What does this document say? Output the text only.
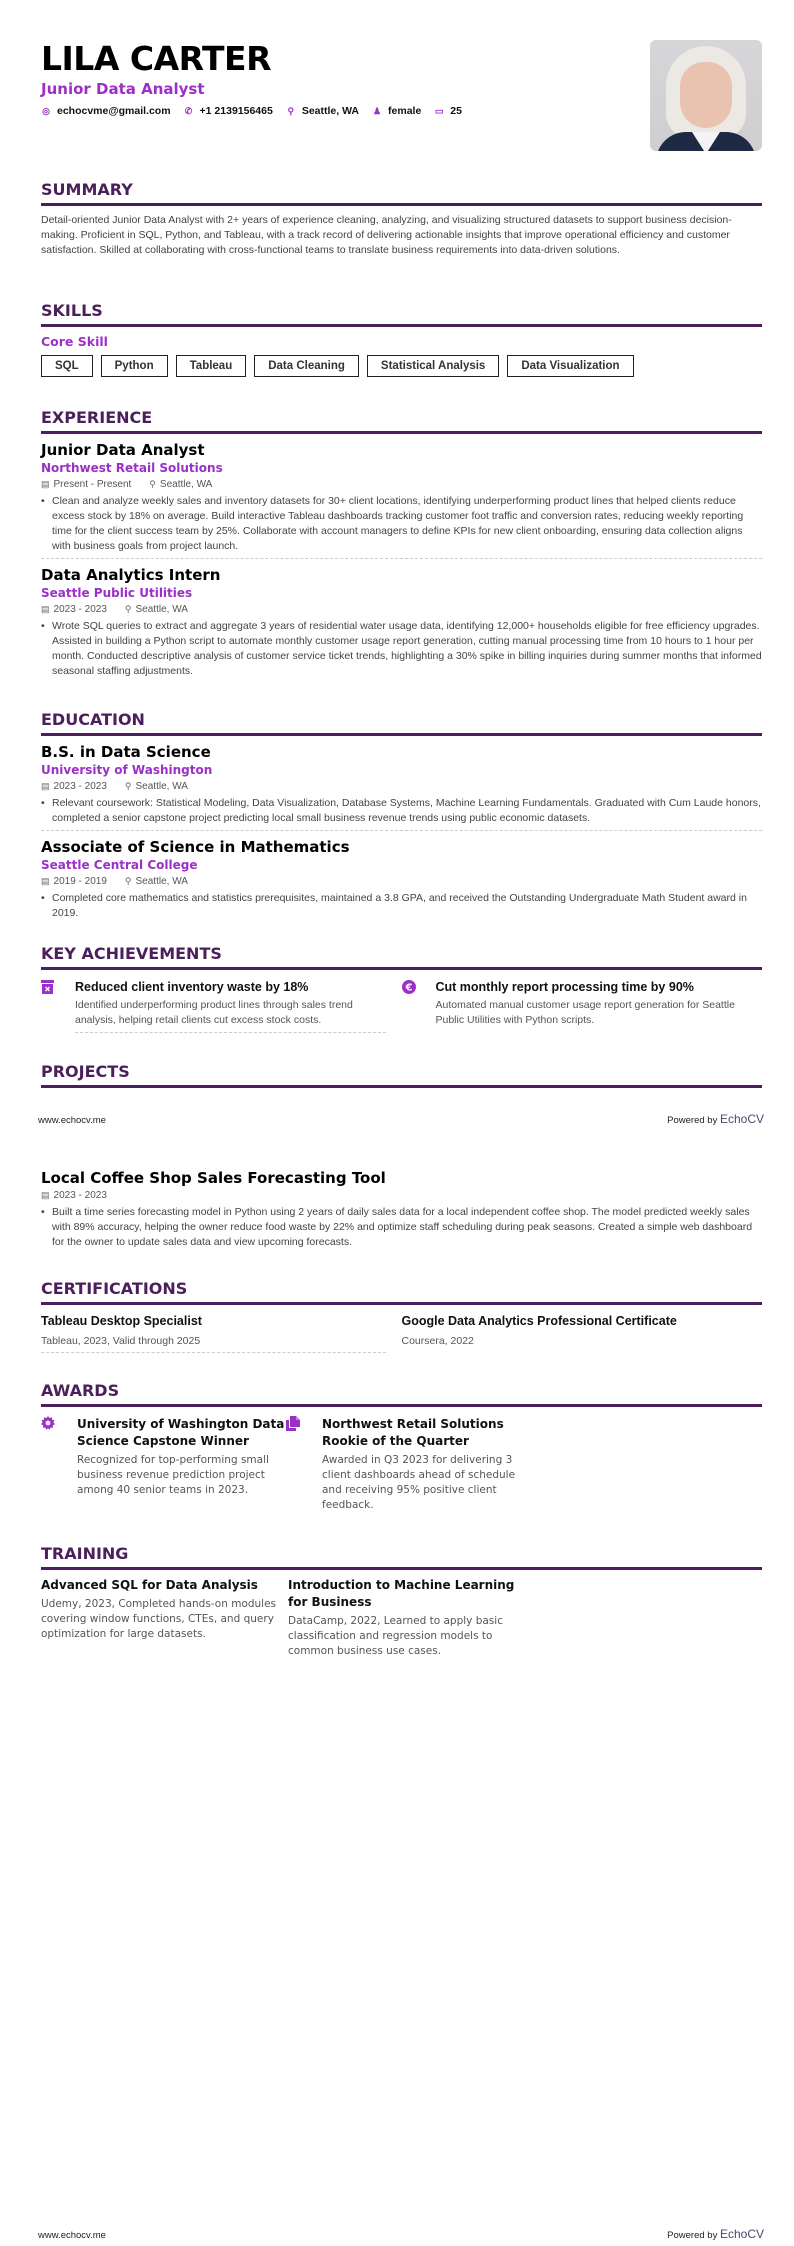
LILA CARTER
Junior Data Analyst
◎ echocvme@gmail.com ✆ +1 2139156465 ⚲ Seattle, WA ♟ female ▭ 25
SUMMARY
Detail-oriented Junior Data Analyst with 2+ years of experience cleaning, analyzing, and visualizing structured datasets to support business decision-making. Proficient in SQL, Python, and Tableau, with a track record of delivering actionable insights that improve operational efficiency and customer satisfaction. Skilled at collaborating with cross-functional teams to translate business requirements into data-driven solutions.
SKILLS
Core Skill
SQL	Python	Tableau	Data Cleaning	Statistical Analysis	Data Visualization
EXPERIENCE
Junior Data Analyst
Northwest Retail Solutions
▤ Present - Present ⚲ Seattle, WA
• Clean and analyze weekly sales and inventory datasets for 30+ client locations, identifying underperforming product lines that helped clients reduce excess stock by 18% on average. Build interactive Tableau dashboards tracking customer foot traffic and conversion rates, reducing weekly reporting time for the client success team by 25%. Collaborate with account managers to define KPIs for new client onboarding, ensuring data collection aligns with business goals from project launch.
Data Analytics Intern
Seattle Public Utilities
▤ 2023 - 2023 ⚲ Seattle, WA
• Wrote SQL queries to extract and aggregate 3 years of residential water usage data, identifying 12,000+ households eligible for free efficiency upgrades. Assisted in building a Python script to automate monthly customer usage report generation, cutting manual processing time from 10 hours to 1 hour per month. Conducted descriptive analysis of customer service ticket trends, highlighting a 30% spike in billing inquiries during summer months that informed seasonal staffing adjustments.
EDUCATION
B.S. in Data Science
University of Washington
▤ 2023 - 2023 ⚲ Seattle, WA
• Relevant coursework: Statistical Modeling, Data Visualization, Database Systems, Machine Learning Fundamentals. Graduated with Cum Laude honors, completed a senior capstone project predicting local small business revenue trends using public economic datasets.
Associate of Science in Mathematics
Seattle Central College
▤ 2019 - 2019 ⚲ Seattle, WA
• Completed core mathematics and statistics prerequisites, maintained a 3.8 GPA, and received the Outstanding Undergraduate Math Student award in 2019.
KEY ACHIEVEMENTS
Reduced client inventory waste by 18%
Identified underperforming product lines through sales trend analysis, helping retail clients cut excess stock costs.
€ Cut monthly report processing time by 90%
Automated manual customer usage report generation for Seattle Public Utilities with Python scripts.
PROJECTS
www.echocv.me	Powered by EchoCV
Local Coffee Shop Sales Forecasting Tool
▤ 2023 - 2023
• Built a time series forecasting model in Python using 2 years of daily sales data for a local independent coffee shop. The model predicted weekly sales with 89% accuracy, helping the owner reduce food waste by 22% and optimize staff scheduling during peak seasons. Created a simple web dashboard for the owner to update sales data and view upcoming forecasts.
CERTIFICATIONS
Tableau Desktop Specialist
Tableau, 2023, Valid through 2025
Google Data Analytics Professional Certificate
Coursera, 2022
AWARDS
University of Washington Data Science Capstone Winner
Recognized for top-performing small business revenue prediction project among 40 senior teams in 2023.
Northwest Retail Solutions Rookie of the Quarter
Awarded in Q3 2023 for delivering 3 client dashboards ahead of schedule and receiving 95% positive client feedback.
TRAINING
Advanced SQL for Data Analysis
Udemy, 2023, Completed hands-on modules covering window functions, CTEs, and query optimization for large datasets.
Introduction to Machine Learning for Business
DataCamp, 2022, Learned to apply basic classification and regression models to common business use cases.
www.echocv.me	Powered by EchoCV
